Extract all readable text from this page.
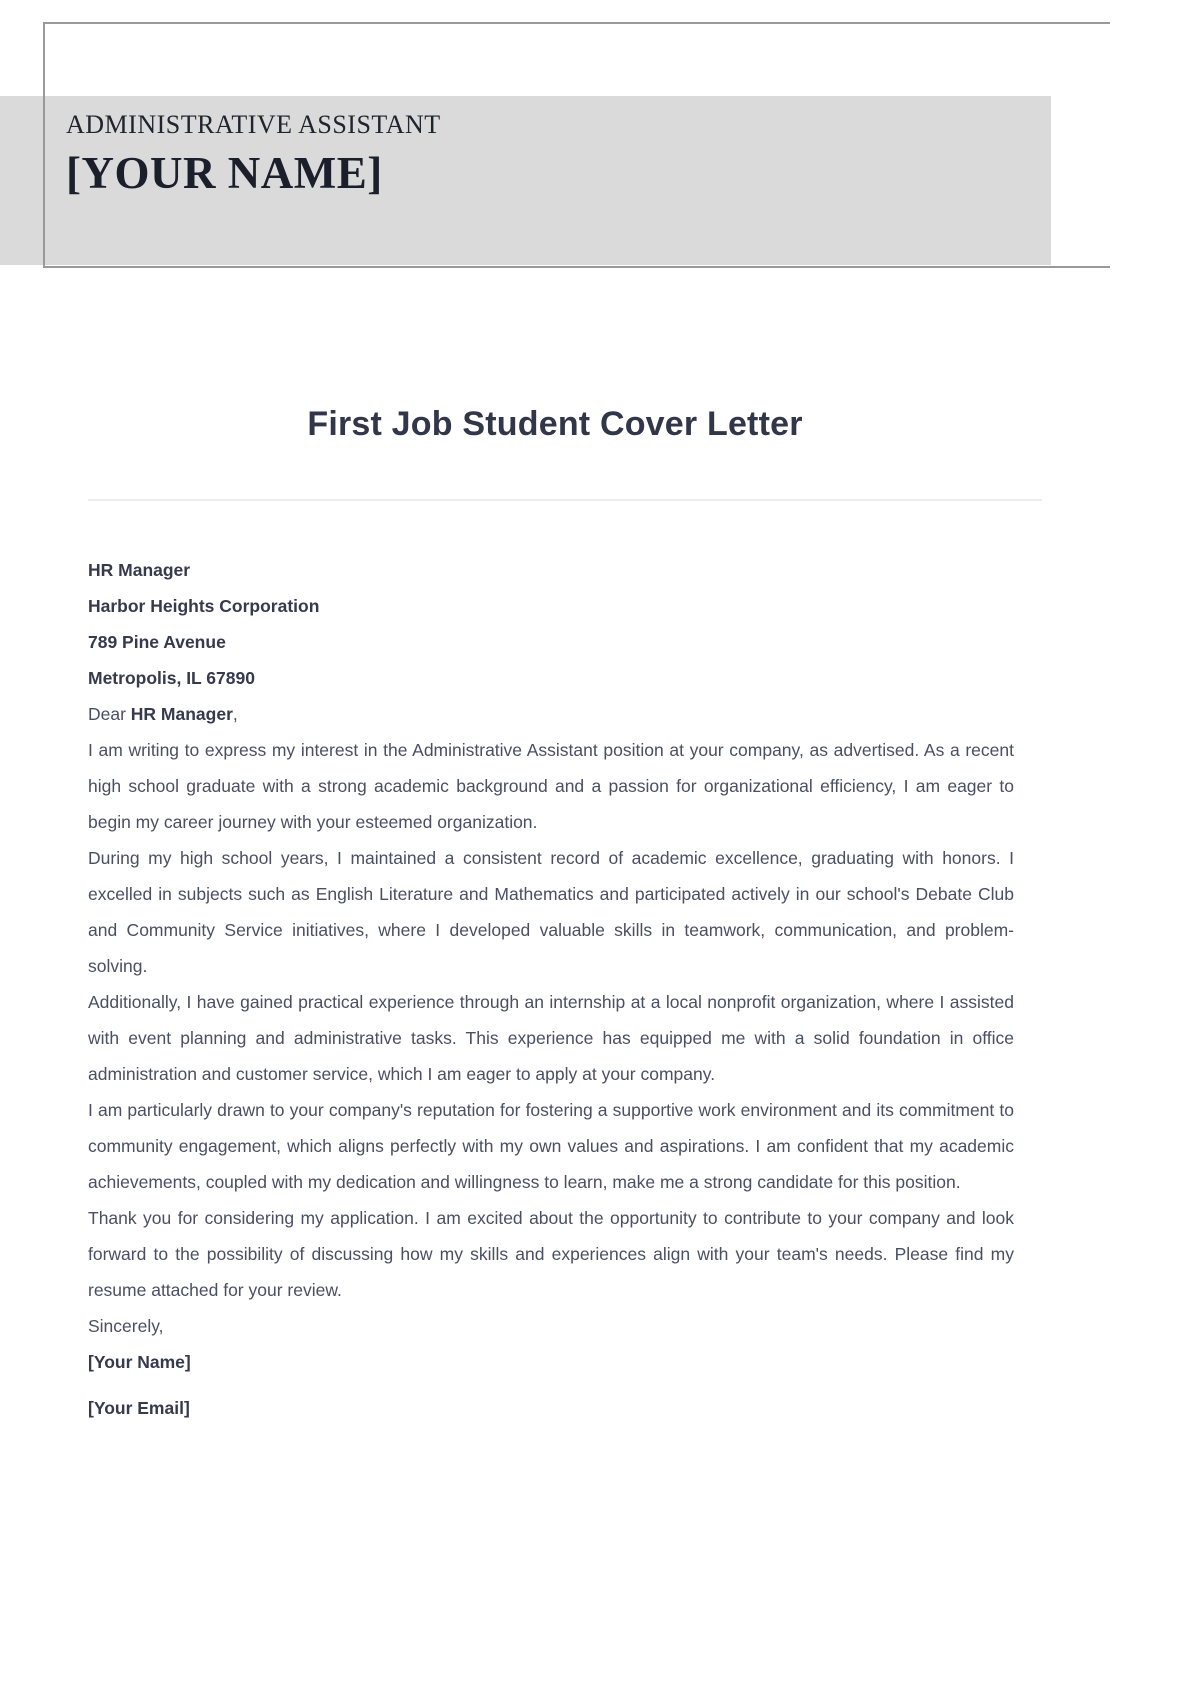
ADMINISTRATIVE ASSISTANT
[YOUR NAME]
First Job Student Cover Letter
HR Manager
Harbor Heights Corporation
789 Pine Avenue
Metropolis, IL 67890
Dear HR Manager,

I am writing to express my interest in the Administrative Assistant position at your company, as advertised. As a recent high school graduate with a strong academic background and a passion for organizational efficiency, I am eager to begin my career journey with your esteemed organization.

During my high school years, I maintained a consistent record of academic excellence, graduating with honors. I excelled in subjects such as English Literature and Mathematics and participated actively in our school's Debate Club and Community Service initiatives, where I developed valuable skills in teamwork, communication, and problem-solving.

Additionally, I have gained practical experience through an internship at a local nonprofit organization, where I assisted with event planning and administrative tasks. This experience has equipped me with a solid foundation in office administration and customer service, which I am eager to apply at your company.

I am particularly drawn to your company's reputation for fostering a supportive work environment and its commitment to community engagement, which aligns perfectly with my own values and aspirations. I am confident that my academic achievements, coupled with my dedication and willingness to learn, make me a strong candidate for this position.

Thank you for considering my application. I am excited about the opportunity to contribute to your company and look forward to the possibility of discussing how my skills and experiences align with your team's needs. Please find my resume attached for your review.

Sincerely,
[Your Name]
[Your Email]
